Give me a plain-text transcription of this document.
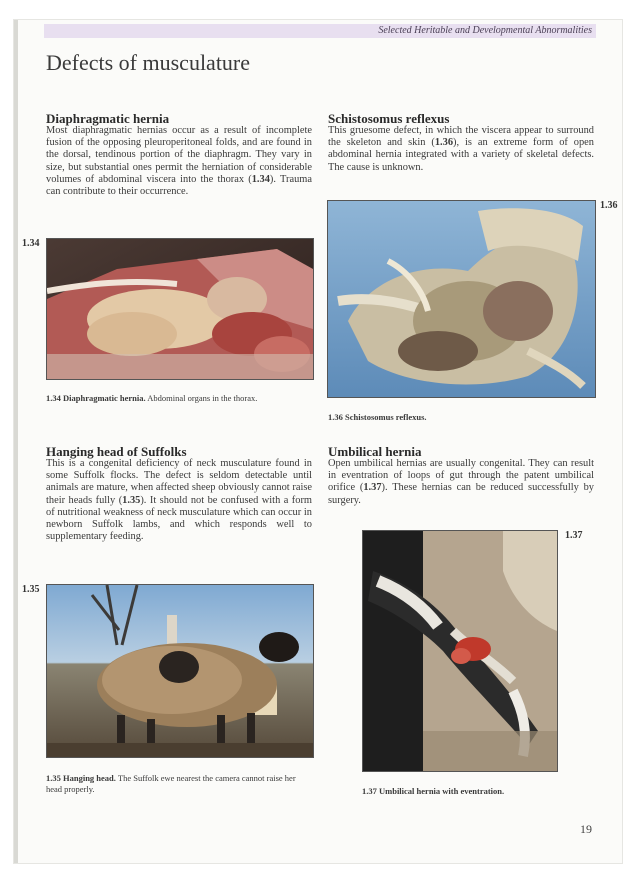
Selected Heritable and Developmental Abnormalities
Defects of musculature
Diaphragmatic hernia

Most diaphragmatic hernias occur as a result of incomplete fusion of the opposing pleuroperitoneal folds, and are found in the dorsal, tendinous portion of the diaphragm. They vary in size, but substantial ones permit the herniation of considerable volumes of abdominal viscera into the thorax (1.34). Trauma can contribute to their occurrence.

1.34

1.34 Diaphragmatic hernia. Abdominal organs in the thorax.

Schistosomus reflexus

This gruesome defect, in which the viscera appear to surround the skeleton and skin (1.36), is an extreme form of open abdominal hernia integrated with a variety of skeletal defects. The cause is unknown.

1.36

1.36 Schistosomus reflexus.

Hanging head of Suffolks

This is a congenital deficiency of neck musculature found in some Suffolk flocks. The defect is seldom detectable until animals are mature, when affected sheep obviously cannot raise their heads fully (1.35). It should not be confused with a form of nutritional weakness of neck musculature which can occur in newborn Suffolk lambs, and which responds well to supplementary feeding.

1.35

1.35 Hanging head. The Suffolk ewe nearest the camera cannot raise her head properly.

Umbilical hernia

Open umbilical hernias are usually congenital. They can result in eventration of loops of gut through the patent umbilical orifice (1.37). These hernias can be reduced successfully by surgery.

1.37

1.37 Umbilical hernia with eventration.

19
